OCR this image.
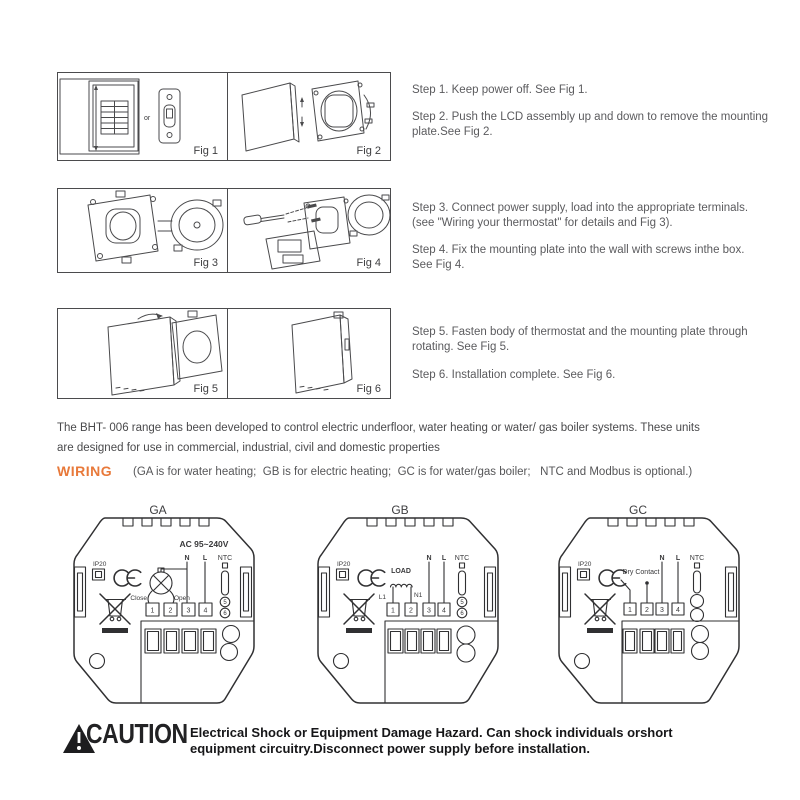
or
Fig 1	Fig 2
Fig 3	Fig 4
Fig 5	Fig 6
Step 1. Keep power off. See Fig 1.
Step 2. Push the LCD assembly up and down to remove the mounting
plate.See Fig 2.
Step 3. Connect power supply, load into the appropriate terminals.
(see "Wiring your thermostat" for details and Fig 3).
Step 4. Fix the mounting plate into the wall with screws inthe box.
See Fig 4.
Step 5. Fasten body of thermostat and the mounting plate through
rotating. See Fig 5.
Step 6. Installation complete. See Fig 6.
The BHT- 006 range has been developed to control electric underfloor, water heating or water/ gas boiler systems. These units
are designed for use in commercial, industrial, civil and domestic properties
WIRING (GA is for water heating;  GB is for electric heating;  GC is for water/gas boiler;   NTC and Modbus is optional.)
GA
IP20
AC 95~240V
N L
Close	Open
1 2 3 4
NTC
5
6
GB
IP20
LOAD
L1	N1
N L
1 2 3 4
NTC
5
6
GC
IP20
Dry Contact
N L
1 2 3 4
NTC
CAUTION Electrical Shock or Equipment Damage Hazard. Can shock individuals orshort
equipment circuitry.Disconnect power supply before installation.
